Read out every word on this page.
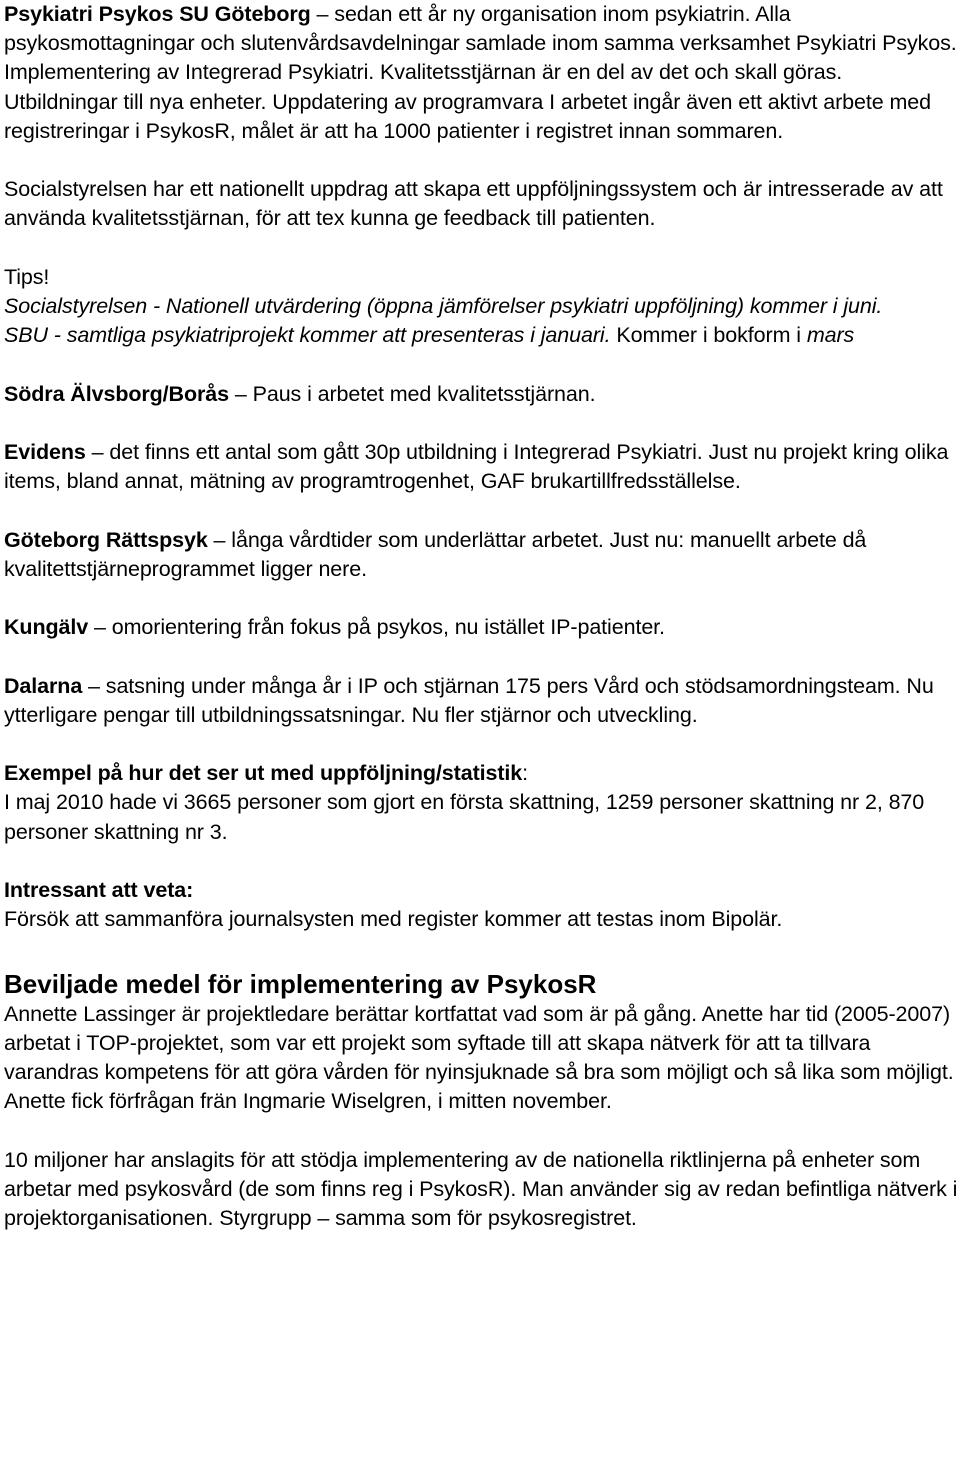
Psykiatri Psykos SU Göteborg – sedan ett år ny organisation inom psykiatrin. Alla psykosmottagningar och slutenvårdsavdelningar samlade inom samma verksamhet Psykiatri Psykos. Implementering av Integrerad Psykiatri. Kvalitetsstjärnan är en del av det och skall göras. Utbildningar till nya enheter. Uppdatering av programvara I arbetet ingår även ett aktivt arbete med registreringar i PsykosR, målet är att ha 1000 patienter i registret innan sommaren.

Socialstyrelsen har ett nationellt uppdrag att skapa ett uppföljningssystem och är intresserade av att använda kvalitetsstjärnan, för att tex kunna ge feedback till patienten.

Tips!
Socialstyrelsen - Nationell utvärdering (öppna jämförelser psykiatri uppföljning) kommer i juni.
SBU - samtliga psykiatriprojekt kommer att presenteras i januari. Kommer i bokform i mars

Södra Älvsborg/Borås – Paus i arbetet med kvalitetsstjärnan.

Evidens – det finns ett antal som gått 30p utbildning i Integrerad Psykiatri. Just nu projekt kring olika items, bland annat, mätning av programtrogenhet, GAF brukartillfredsställelse.

Göteborg Rättspsyk – långa vårdtider som underlättar arbetet. Just nu: manuellt arbete då kvalitettstjärneprogrammet ligger nere.

Kungälv – omorientering från fokus på psykos, nu istället IP-patienter.

Dalarna – satsning under många år i IP och stjärnan 175 pers Vård och stödsamordningsteam. Nu ytterligare pengar till utbildningssatsningar. Nu fler stjärnor och utveckling.

Exempel på hur det ser ut med uppföljning/statistik:
I maj 2010 hade vi 3665 personer som gjort en första skattning, 1259 personer skattning nr 2, 870 personer skattning nr 3.

Intressant att veta:
Försök att sammanföra journalsysten med register kommer att testas inom Bipolär.

Beviljade medel för implementering av PsykosR

Annette Lassinger är projektledare berättar kortfattat vad som är på gång. Anette har tid (2005-2007) arbetat i TOP-projektet, som var ett projekt som syftade till att skapa nätverk för att ta tillvara varandras kompetens för att göra vården för nyinsjuknade så bra som möjligt och så lika som möjligt. Anette fick förfrågan frän Ingmarie Wiselgren, i mitten november.

10 miljoner har anslagits för att stödja implementering av de nationella riktlinjerna på enheter som arbetar med psykosvård (de som finns reg i PsykosR). Man använder sig av redan befintliga nätverk i projektorganisationen. Styrgrupp – samma som för psykosregistret.
